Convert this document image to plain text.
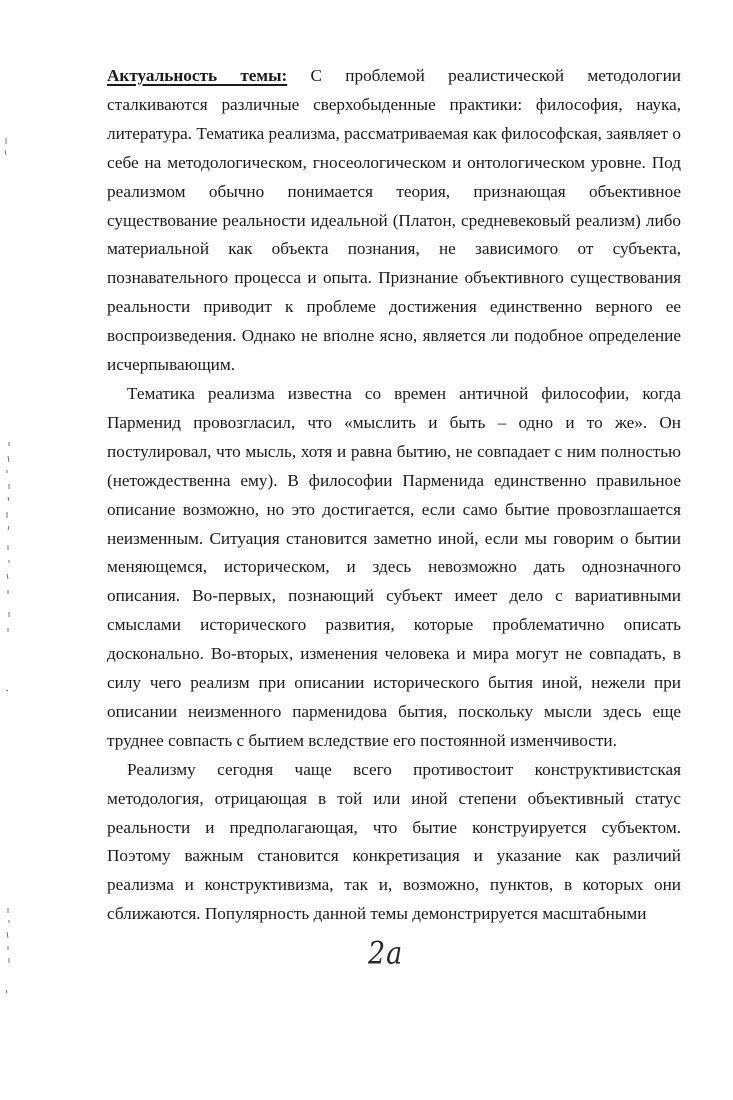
Актуальность темы: С проблемой реалистической методологии сталкиваются различные сверхобыденные практики: философия, наука, литература. Тематика реализма, рассматриваемая как философская, заявляет о себе на методологическом, гносеологическом и онтологическом уровне. Под реализмом обычно понимается теория, признающая объективное существование реальности идеальной (Платон, средневековый реализм) либо материальной как объекта познания, не зависимого от субъекта, познавательного процесса и опыта. Признание объективного существования реальности приводит к проблеме достижения единственно верного ее воспроизведения. Однако не вполне ясно, является ли подобное определение исчерпывающим.

Тематика реализма известна со времен античной философии, когда Парменид провозгласил, что «мыслить и быть – одно и то же». Он постулировал, что мысль, хотя и равна бытию, не совпадает с ним полностью (нетождественна ему). В философии Парменида единственно правильное описание возможно, но это достигается, если само бытие провозглашается неизменным. Ситуация становится заметно иной, если мы говорим о бытии меняющемся, историческом, и здесь невозможно дать однозначного описания. Во-первых, познающий субъект имеет дело с вариативными смыслами исторического развития, которые проблематично описать досконально. Во-вторых, изменения человека и мира могут не совпадать, в силу чего реализм при описании исторического бытия иной, нежели при описании неизменного парменидова бытия, поскольку мысли здесь еще труднее совпасть с бытием вследствие его постоянной изменчивости.

Реализму сегодня чаще всего противостоит конструктивистская методология, отрицающая в той или иной степени объективный статус реальности и предполагающая, что бытие конструируется субъектом. Поэтому важным становится конкретизация и указание как различий реализма и конструктивизма, так и, возможно, пунктов, в которых они сближаются. Популярность данной темы демонстрируется масштабными

2а
